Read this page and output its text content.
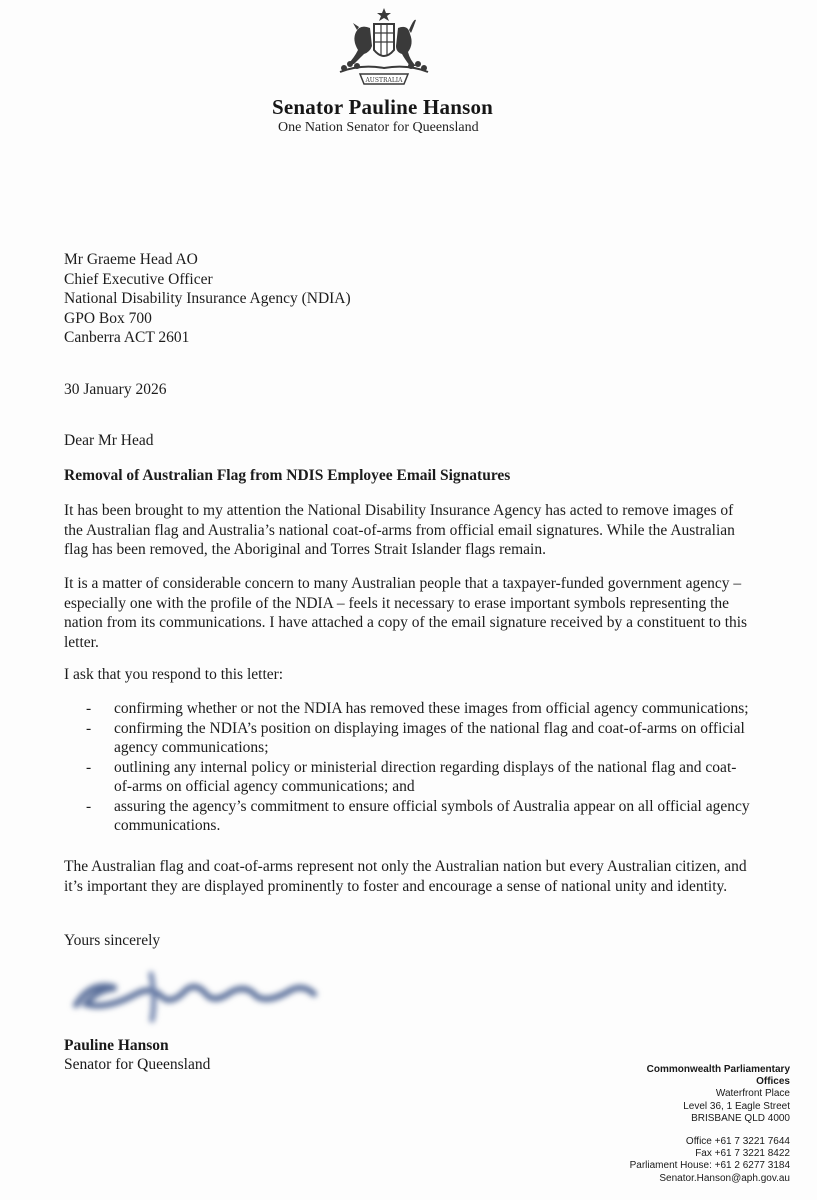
AUSTRALIA
Senator Pauline Hanson
One Nation Senator for Queensland
Mr Graeme Head AO
Chief Executive Officer
National Disability Insurance Agency (NDIA)
GPO Box 700
Canberra ACT 2601
30 January 2026
Dear Mr Head
Removal of Australian Flag from NDIS Employee Email Signatures
It has been brought to my attention the National Disability Insurance Agency has acted to remove images of the Australian flag and Australia’s national coat-of-arms from official email signatures. While the Australian flag has been removed, the Aboriginal and Torres Strait Islander flags remain.
It is a matter of considerable concern to many Australian people that a taxpayer-funded government agency – especially one with the profile of the NDIA – feels it necessary to erase important symbols representing the nation from its communications. I have attached a copy of the email signature received by a constituent to this letter.
I ask that you respond to this letter:
- confirming whether or not the NDIA has removed these images from official agency communications;
- confirming the NDIA’s position on displaying images of the national flag and coat-of-arms on official agency communications;
- outlining any internal policy or ministerial direction regarding displays of the national flag and coat-of-arms on official agency communications; and
- assuring the agency’s commitment to ensure official symbols of Australia appear on all official agency communications.
The Australian flag and coat-of-arms represent not only the Australian nation but every Australian citizen, and it’s important they are displayed prominently to foster and encourage a sense of national unity and identity.
Yours sincerely
Pauline Hanson
Senator for Queensland	Commonwealth Parliamentary
Offices
Waterfront Place
Level 36, 1 Eagle Street
BRISBANE QLD 4000
Office +61 7 3221 7644
Fax +61 7 3221 8422
Parliament House: +61 2 6277 3184
Senator.Hanson@aph.gov.au
